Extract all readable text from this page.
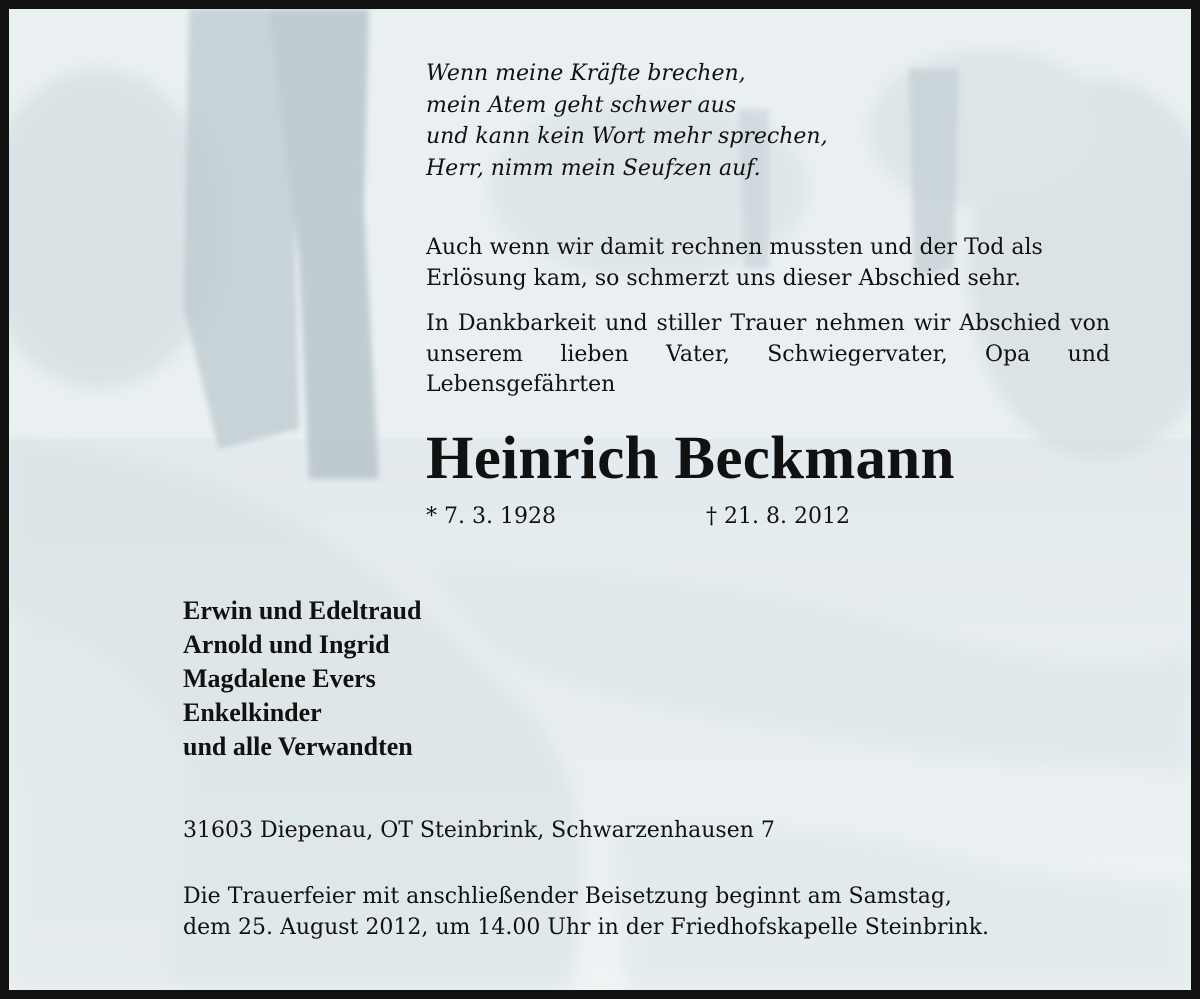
Wenn meine Kräfte brechen,
mein Atem geht schwer aus
und kann kein Wort mehr sprechen,
Herr, nimm mein Seufzen auf.

Auch wenn wir damit rechnen mussten und der Tod als Erlösung kam, so schmerzt uns dieser Abschied sehr.

In Dankbarkeit und stiller Trauer nehmen wir Abschied von unserem lieben Vater, Schwiegervater, Opa und Lebensgefährten

Heinrich Beckmann
* 7. 3. 1928	† 21. 8. 2012
Erwin und Edeltraud
Arnold und Ingrid
Magdalene Evers
Enkelkinder
und alle Verwandten
31603 Diepenau, OT Steinbrink, Schwarzenhausen 7
Die Trauerfeier mit anschließender Beisetzung beginnt am Samstag,
dem 25. August 2012, um 14.00 Uhr in der Friedhofskapelle Steinbrink.
